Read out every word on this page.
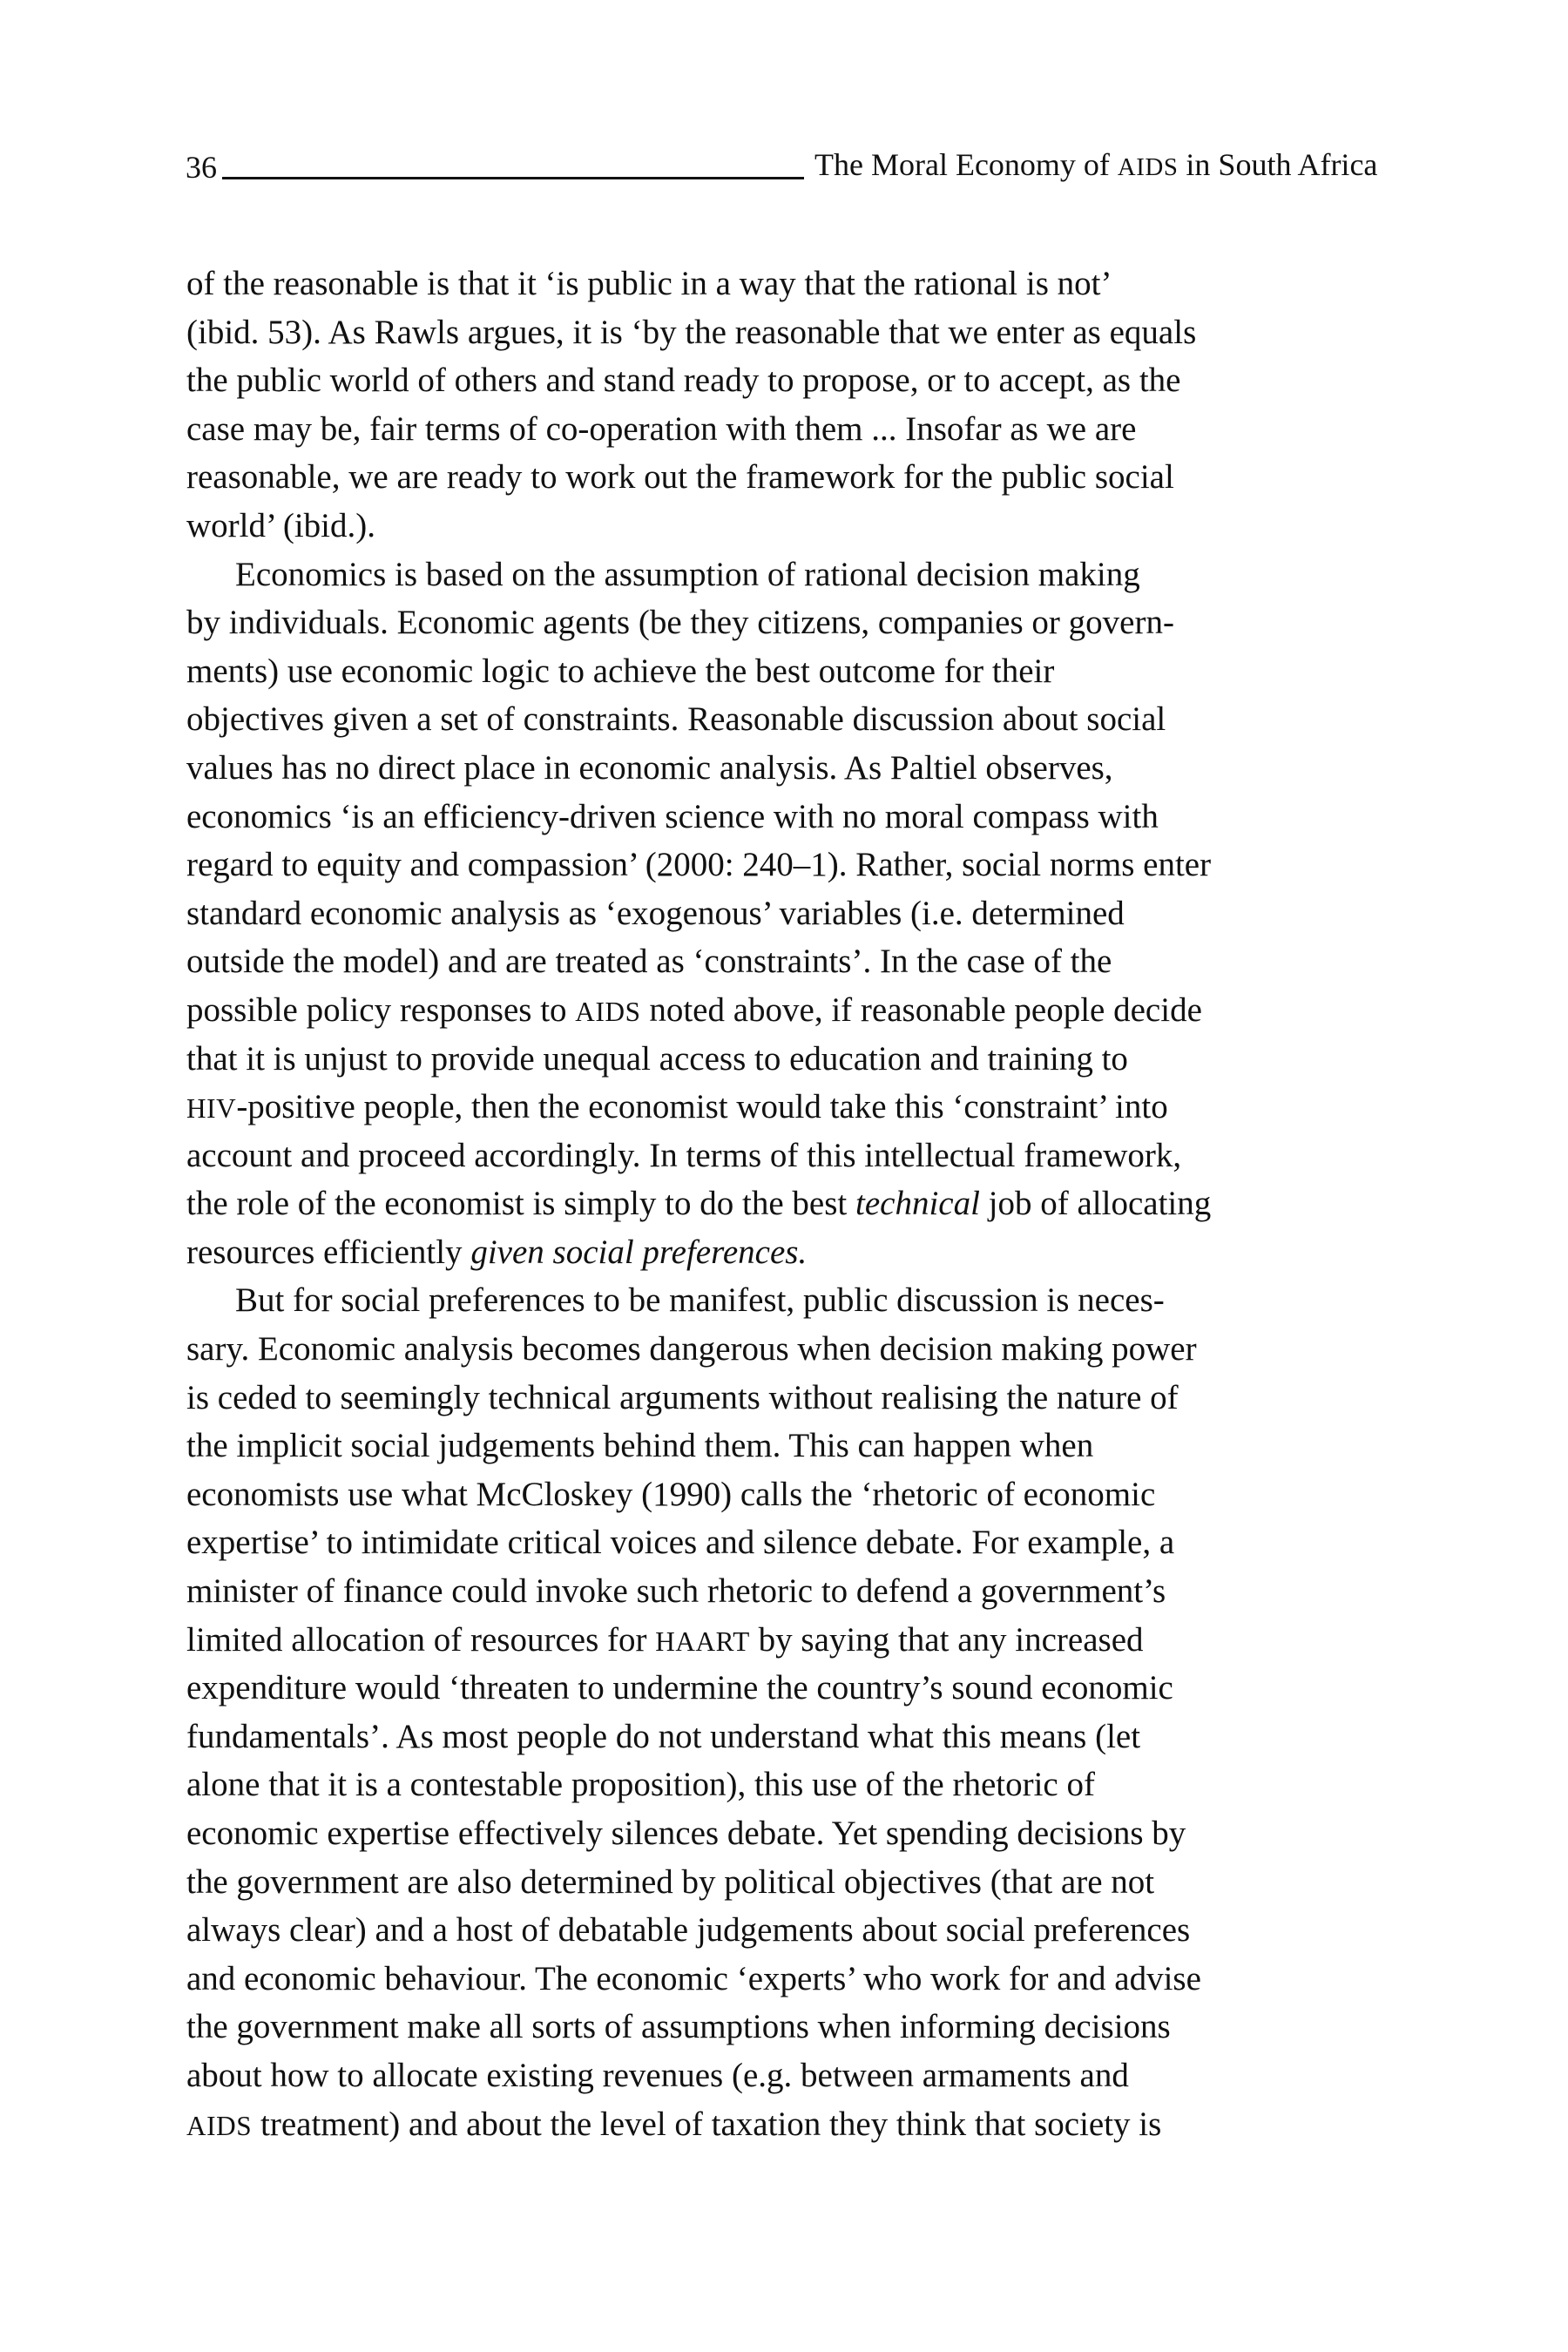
36	The Moral Economy of AIDS in South Africa
of the reasonable is that it ‘is public in a way that the rational is not’
(ibid. 53). As Rawls argues, it is ‘by the reasonable that we enter as equals
the public world of others and stand ready to propose, or to accept, as the
case may be, fair terms of co-operation with them ... Insofar as we are
reasonable, we are ready to work out the framework for the public social
world’ (ibid.).
Economics is based on the assumption of rational decision making
by individuals. Economic agents (be they citizens, companies or govern-
ments) use economic logic to achieve the best outcome for their
objectives given a set of constraints. Reasonable discussion about social
values has no direct place in economic analysis. As Paltiel observes,
economics ‘is an efficiency-driven science with no moral compass with
regard to equity and compassion’ (2000: 240–1). Rather, social norms enter
standard economic analysis as ‘exogenous’ variables (i.e. determined
outside the model) and are treated as ‘constraints’. In the case of the
possible policy responses to AIDS noted above, if reasonable people decide
that it is unjust to provide unequal access to education and training to
HIV-positive people, then the economist would take this ‘constraint’ into
account and proceed accordingly. In terms of this intellectual framework,
the role of the economist is simply to do the best technical job of allocating
resources efficiently given social preferences.
But for social preferences to be manifest, public discussion is neces-
sary. Economic analysis becomes dangerous when decision making power
is ceded to seemingly technical arguments without realising the nature of
the implicit social judgements behind them. This can happen when
economists use what McCloskey (1990) calls the ‘rhetoric of economic
expertise’ to intimidate critical voices and silence debate. For example, a
minister of finance could invoke such rhetoric to defend a government’s
limited allocation of resources for HAART by saying that any increased
expenditure would ‘threaten to undermine the country’s sound economic
fundamentals’. As most people do not understand what this means (let
alone that it is a contestable proposition), this use of the rhetoric of
economic expertise effectively silences debate. Yet spending decisions by
the government are also determined by political objectives (that are not
always clear) and a host of debatable judgements about social preferences
and economic behaviour. The economic ‘experts’ who work for and advise
the government make all sorts of assumptions when informing decisions
about how to allocate existing revenues (e.g. between armaments and
AIDS treatment) and about the level of taxation they think that society is
